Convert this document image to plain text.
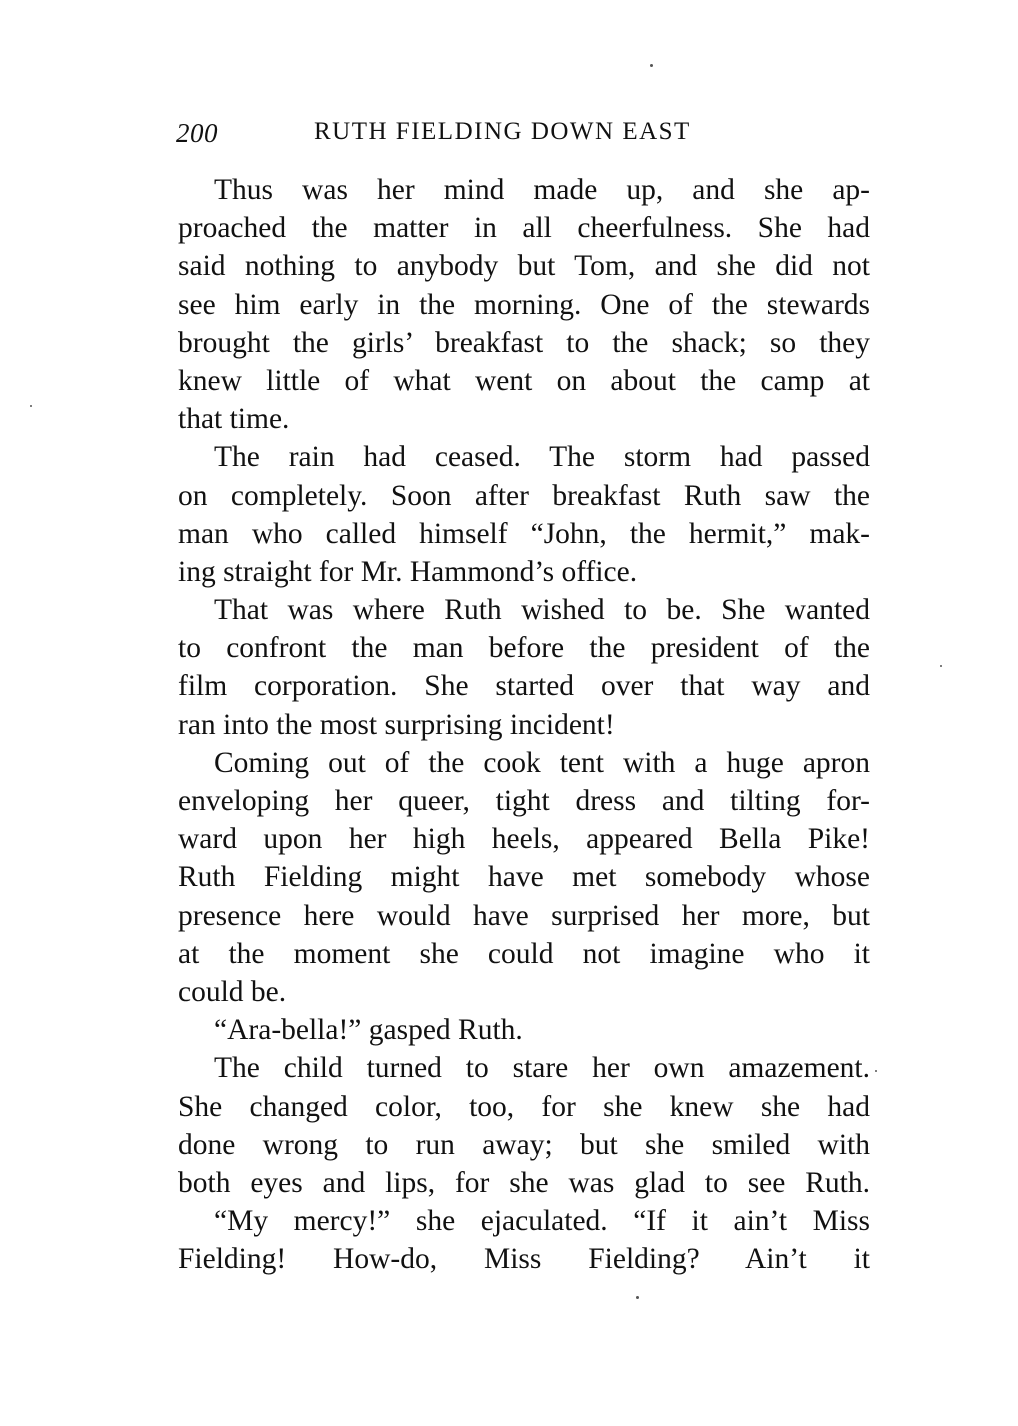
200	RUTH FIELDING DOWN EAST
Thus was her mind made up, and she ap-
proached the matter in all cheerfulness. She had
said nothing to anybody but Tom, and she did not
see him early in the morning. One of the stewards
brought the girls’ breakfast to the shack; so they
knew little of what went on about the camp at
that time.
The rain had ceased. The storm had passed
on completely. Soon after breakfast Ruth saw the
man who called himself “John, the hermit,” mak-
ing straight for Mr. Hammond’s office.
That was where Ruth wished to be. She wanted
to confront the man before the president of the
film corporation. She started over that way and
ran into the most surprising incident!
Coming out of the cook tent with a huge apron
enveloping her queer, tight dress and tilting for-
ward upon her high heels, appeared Bella Pike!
Ruth Fielding might have met somebody whose
presence here would have surprised her more, but
at the moment she could not imagine who it
could be.
“Ara-bella!” gasped Ruth.
The child turned to stare her own amazement.
She changed color, too, for she knew she had
done wrong to run away; but she smiled with
both eyes and lips, for she was glad to see Ruth.
“My mercy!” she ejaculated. “If it ain’t Miss
Fielding! How-do, Miss Fielding? Ain’t it
